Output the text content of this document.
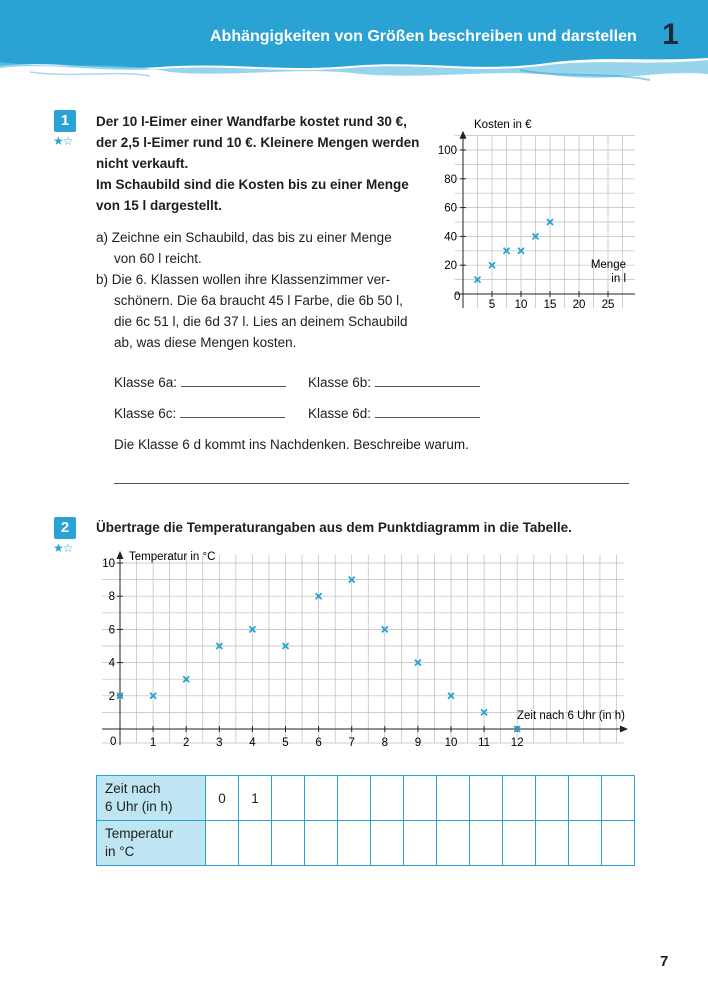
Abhängigkeiten von Größen beschreiben und darstellen 1
1
★☆
Der 10 l-Eimer einer Wandfarbe kostet rund 30 €,
der 2,5 l-Eimer rund 10 €. Kleinere Mengen werden
nicht verkauft.
Im Schaubild sind die Kosten bis zu einer Menge
von 15 l dargestellt.
a) Zeichne ein Schaubild, das bis zu einer Menge
von 60 l reicht.
b) Die 6. Klassen wollen ihre Klassenzimmer ver-
schönern. Die 6a braucht 45 l Farbe, die 6b 50 l,
die 6c 51 l, die 6d 37 l. Lies an deinem Schaubild
ab, was diese Mengen kosten.
Klasse 6a:	Klasse 6b:
Klasse 6c:	Klasse 6d:
Die Klasse 6 d kommt ins Nachdenken. Beschreibe warum.
5 10 15 20 25
20
40
60
80
100
Kosten in €
Menge
in l
0
2
★☆
Übertrage die Temperaturangaben aus dem Punktdiagramm in die Tabelle.
1 2 3 4 5 6 7 8 9 10 11 12
2
4
6
8
10
Temperatur in °C
Zeit nach 6 Uhr (in h)
0
Zeit nach
6 Uhr (in h)	0	1											

Temperatur
in °C													

7
